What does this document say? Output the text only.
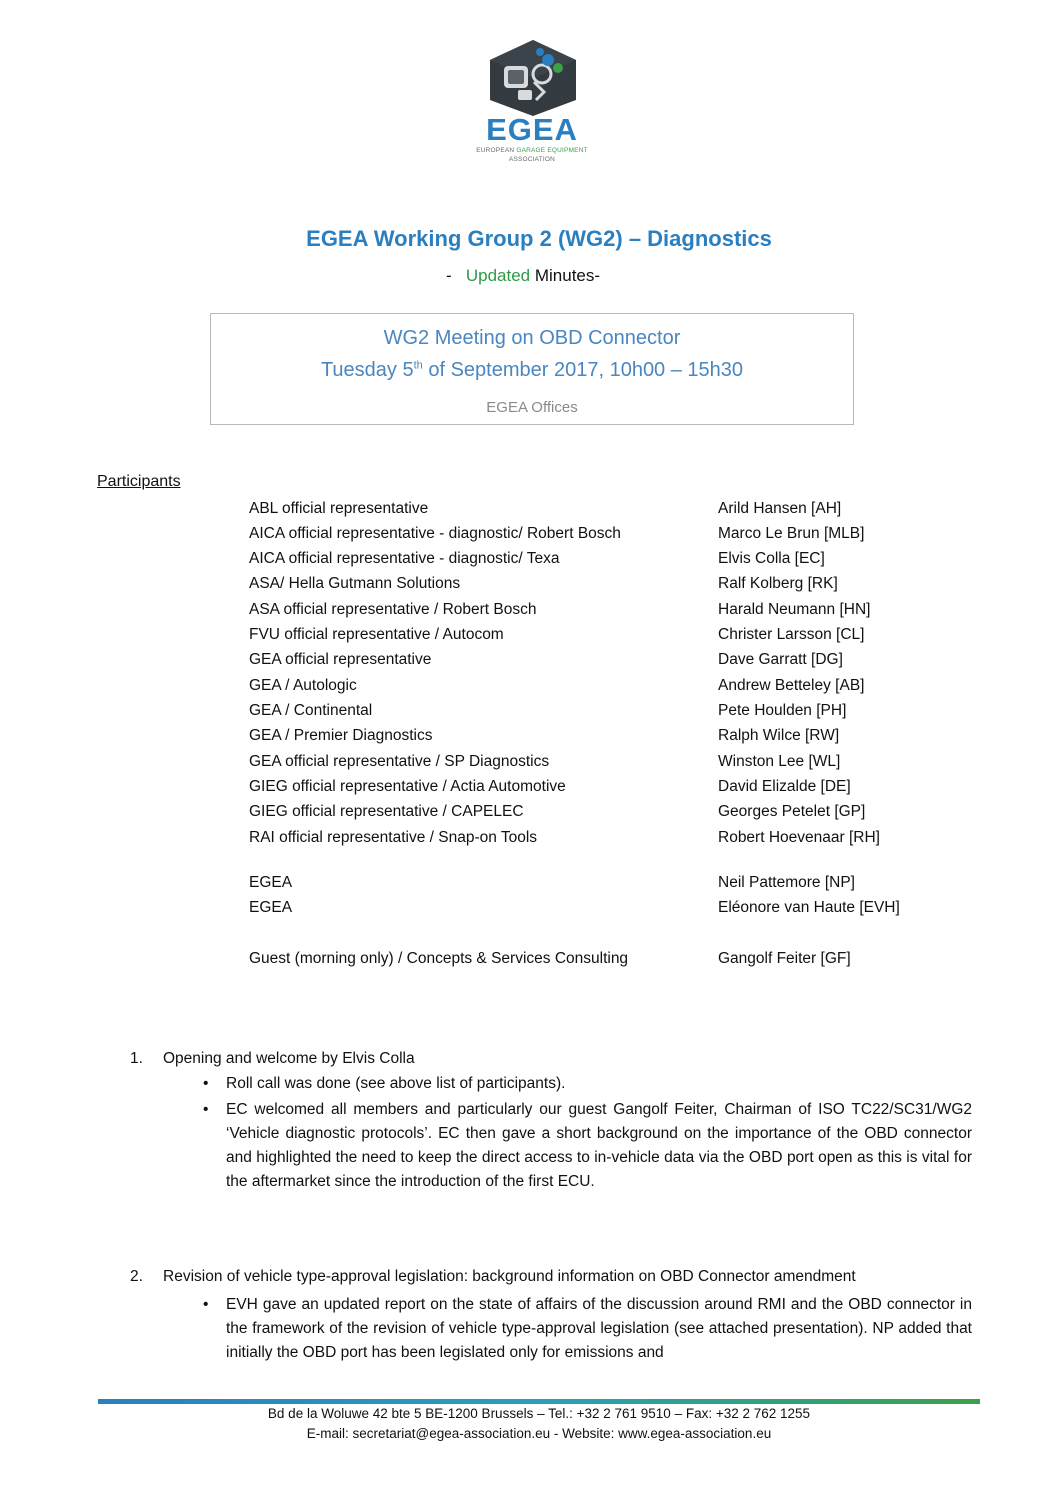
EGEA
EUROPEAN GARAGE EQUIPMENT
ASSOCIATION
EGEA Working Group 2 (WG2) – Diagnostics
-   Updated Minutes-
WG2 Meeting on OBD Connector
Tuesday 5th of September 2017, 10h00 – 15h30
EGEA Offices
Participants
ABL official representative	Arild Hansen [AH]
AICA official representative - diagnostic/ Robert Bosch	Marco Le Brun [MLB]
AICA official representative - diagnostic/ Texa	Elvis Colla [EC]
ASA/ Hella Gutmann Solutions	Ralf Kolberg [RK]
ASA official representative / Robert Bosch	Harald Neumann [HN]
FVU official representative / Autocom	Christer Larsson [CL]
GEA official representative	Dave Garratt [DG]
GEA / Autologic	Andrew Betteley [AB]
GEA / Continental	Pete Houlden [PH]
GEA / Premier Diagnostics	Ralph Wilce [RW]
GEA official representative / SP Diagnostics	Winston Lee [WL]
GIEG official representative / Actia Automotive	David Elizalde [DE]
GIEG official representative / CAPELEC	Georges Petelet [GP]
RAI official representative / Snap-on Tools	Robert Hoevenaar [RH]
EGEA	Neil Pattemore [NP]
EGEA	Eléonore van Haute [EVH]
Guest (morning only) / Concepts & Services Consulting	Gangolf Feiter [GF]
1. Opening and welcome by Elvis Colla
• Roll call was done (see above list of participants).
• EC welcomed all members and particularly our guest Gangolf Feiter, Chairman of ISO TC22/SC31/WG2 ‘Vehicle diagnostic protocols’. EC then gave a short background on the importance of the OBD connector and highlighted the need to keep the direct access to in-vehicle data via the OBD port open as this is vital for the aftermarket since the introduction of the first ECU.
2. Revision of vehicle type-approval legislation: background information on OBD Connector amendment
• EVH gave an updated report on the state of affairs of the discussion around RMI and the OBD connector in the framework of the revision of vehicle type-approval legislation (see attached presentation). NP added that initially the OBD port has been legislated only for emissions and
Bd de la Woluwe 42 bte 5 BE-1200 Brussels – Tel.: +32 2 761 9510 – Fax: +32 2 762 1255
E-mail: secretariat@egea-association.eu - Website: www.egea-association.eu
